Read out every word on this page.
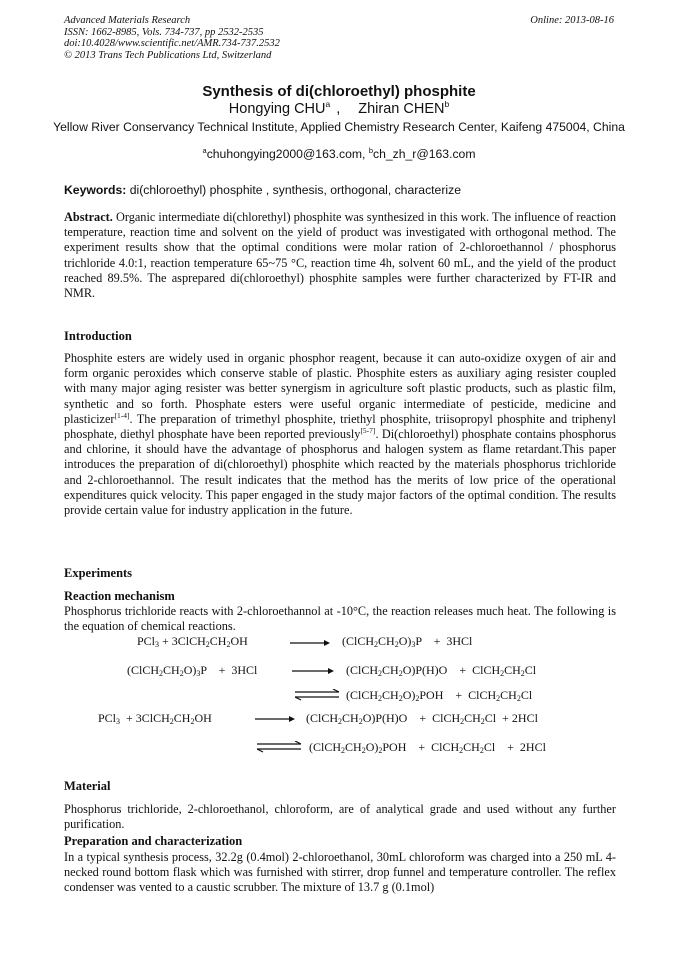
Advanced Materials Research
ISSN: 1662-8985, Vols. 734-737, pp 2532-2535
doi:10.4028/www.scientific.net/AMR.734-737.2532
© 2013 Trans Tech Publications Ltd, Switzerland
Online: 2013-08-16
Synthesis of di(chloroethyl) phosphite
Hongying CHU$^a$ , Zhiran CHEN$^b$
Yellow River Conservancy Technical Institute, Applied Chemistry Research Center, Kaifeng 475004, China
$^a$chuhongying2000@163.com, $^b$ch_zh_r@163.com
Keywords: di(chloroethyl) phosphite , synthesis, orthogonal, characterize
Abstract. Organic intermediate di(chlorethyl) phosphite was synthesized in this work. The influence of reaction temperature, reaction time and solvent on the yield of product was investigated with orthogonal method. The experiment results show that the optimal conditions were molar ration of 2-chloroethannol / phosphorus trichloride 4.0:1, reaction temperature 65~75 °C, reaction time 4h, solvent 60 mL, and the yield of the product reached 89.5%. The asprepared di(chloroethyl) phosphite samples were further characterized by FT-IR and NMR.
Introduction
Phosphite esters are widely used in organic phosphor reagent, because it can auto-oxidize oxygen of air and form organic peroxides which conserve stable of plastic. Phosphite esters as auxiliary aging resister coupled with many major aging resister was better synergism in agriculture soft plastic products, such as plastic film, synthetic and so forth. Phosphate esters were useful organic intermediate of pesticide, medicine and plasticizer[1-4]. The preparation of trimethyl phosphite, triethyl phosphite, triisopropyl phosphite and triphenyl phosphate, diethyl phosphate have been reported previously[5-7]. Di(chloroethyl) phosphate contains phosphorus and chlorine, it should have the advantage of phosphorus and halogen system as flame retardant.This paper introduces the preparation of di(chloroethyl) phosphite which reacted by the materials phosphorus trichloride and 2-chloroethannol. The result indicates that the method has the merits of low price of the operational expenditures quick velocity. This paper engaged in the study major factors of the optimal condition. The results provide certain value for industry application in the future.
Experiments
Reaction mechanism
Phosphorus trichloride reacts with 2-chloroethannol at -10°C, the reaction releases much heat. The following is the equation of chemical reactions.
$PCl_3 + 3ClCH_2CH_2OH$	$(ClCH_2CH_2O)_3P$    +  3HCl
$(ClCH_2CH_2O)_3P$    +  3HCl	$(ClCH_2CH_2O)P(H)O$    +  $ClCH_2CH_2Cl$
⇌ $(ClCH_2CH_2O)_2POH$    +  $ClCH_2CH_2Cl$
$PCl_3 + 3ClCH_2CH_2OH$	$(ClCH_2CH_2O)P(H)O$    +  $ClCH_2CH_2Cl + 2HCl$
⇌ $(ClCH_2CH_2O)_2POH$    +  $ClCH_2CH_2Cl$    +  2HCl
Material
Phosphorus trichloride, 2-chloroethanol, chloroform, are of analytical grade and used without any further purification.
Preparation and characterization
In a typical synthesis process, 32.2g (0.4mol) 2-chloroethanol, 30mL chloroform was charged into a 250 mL 4-necked round bottom flask which was furnished with stirrer, drop funnel and temperature controller. The reflex condenser was vented to a caustic scrubber. The mixture of 13.7 g (0.1mol)
